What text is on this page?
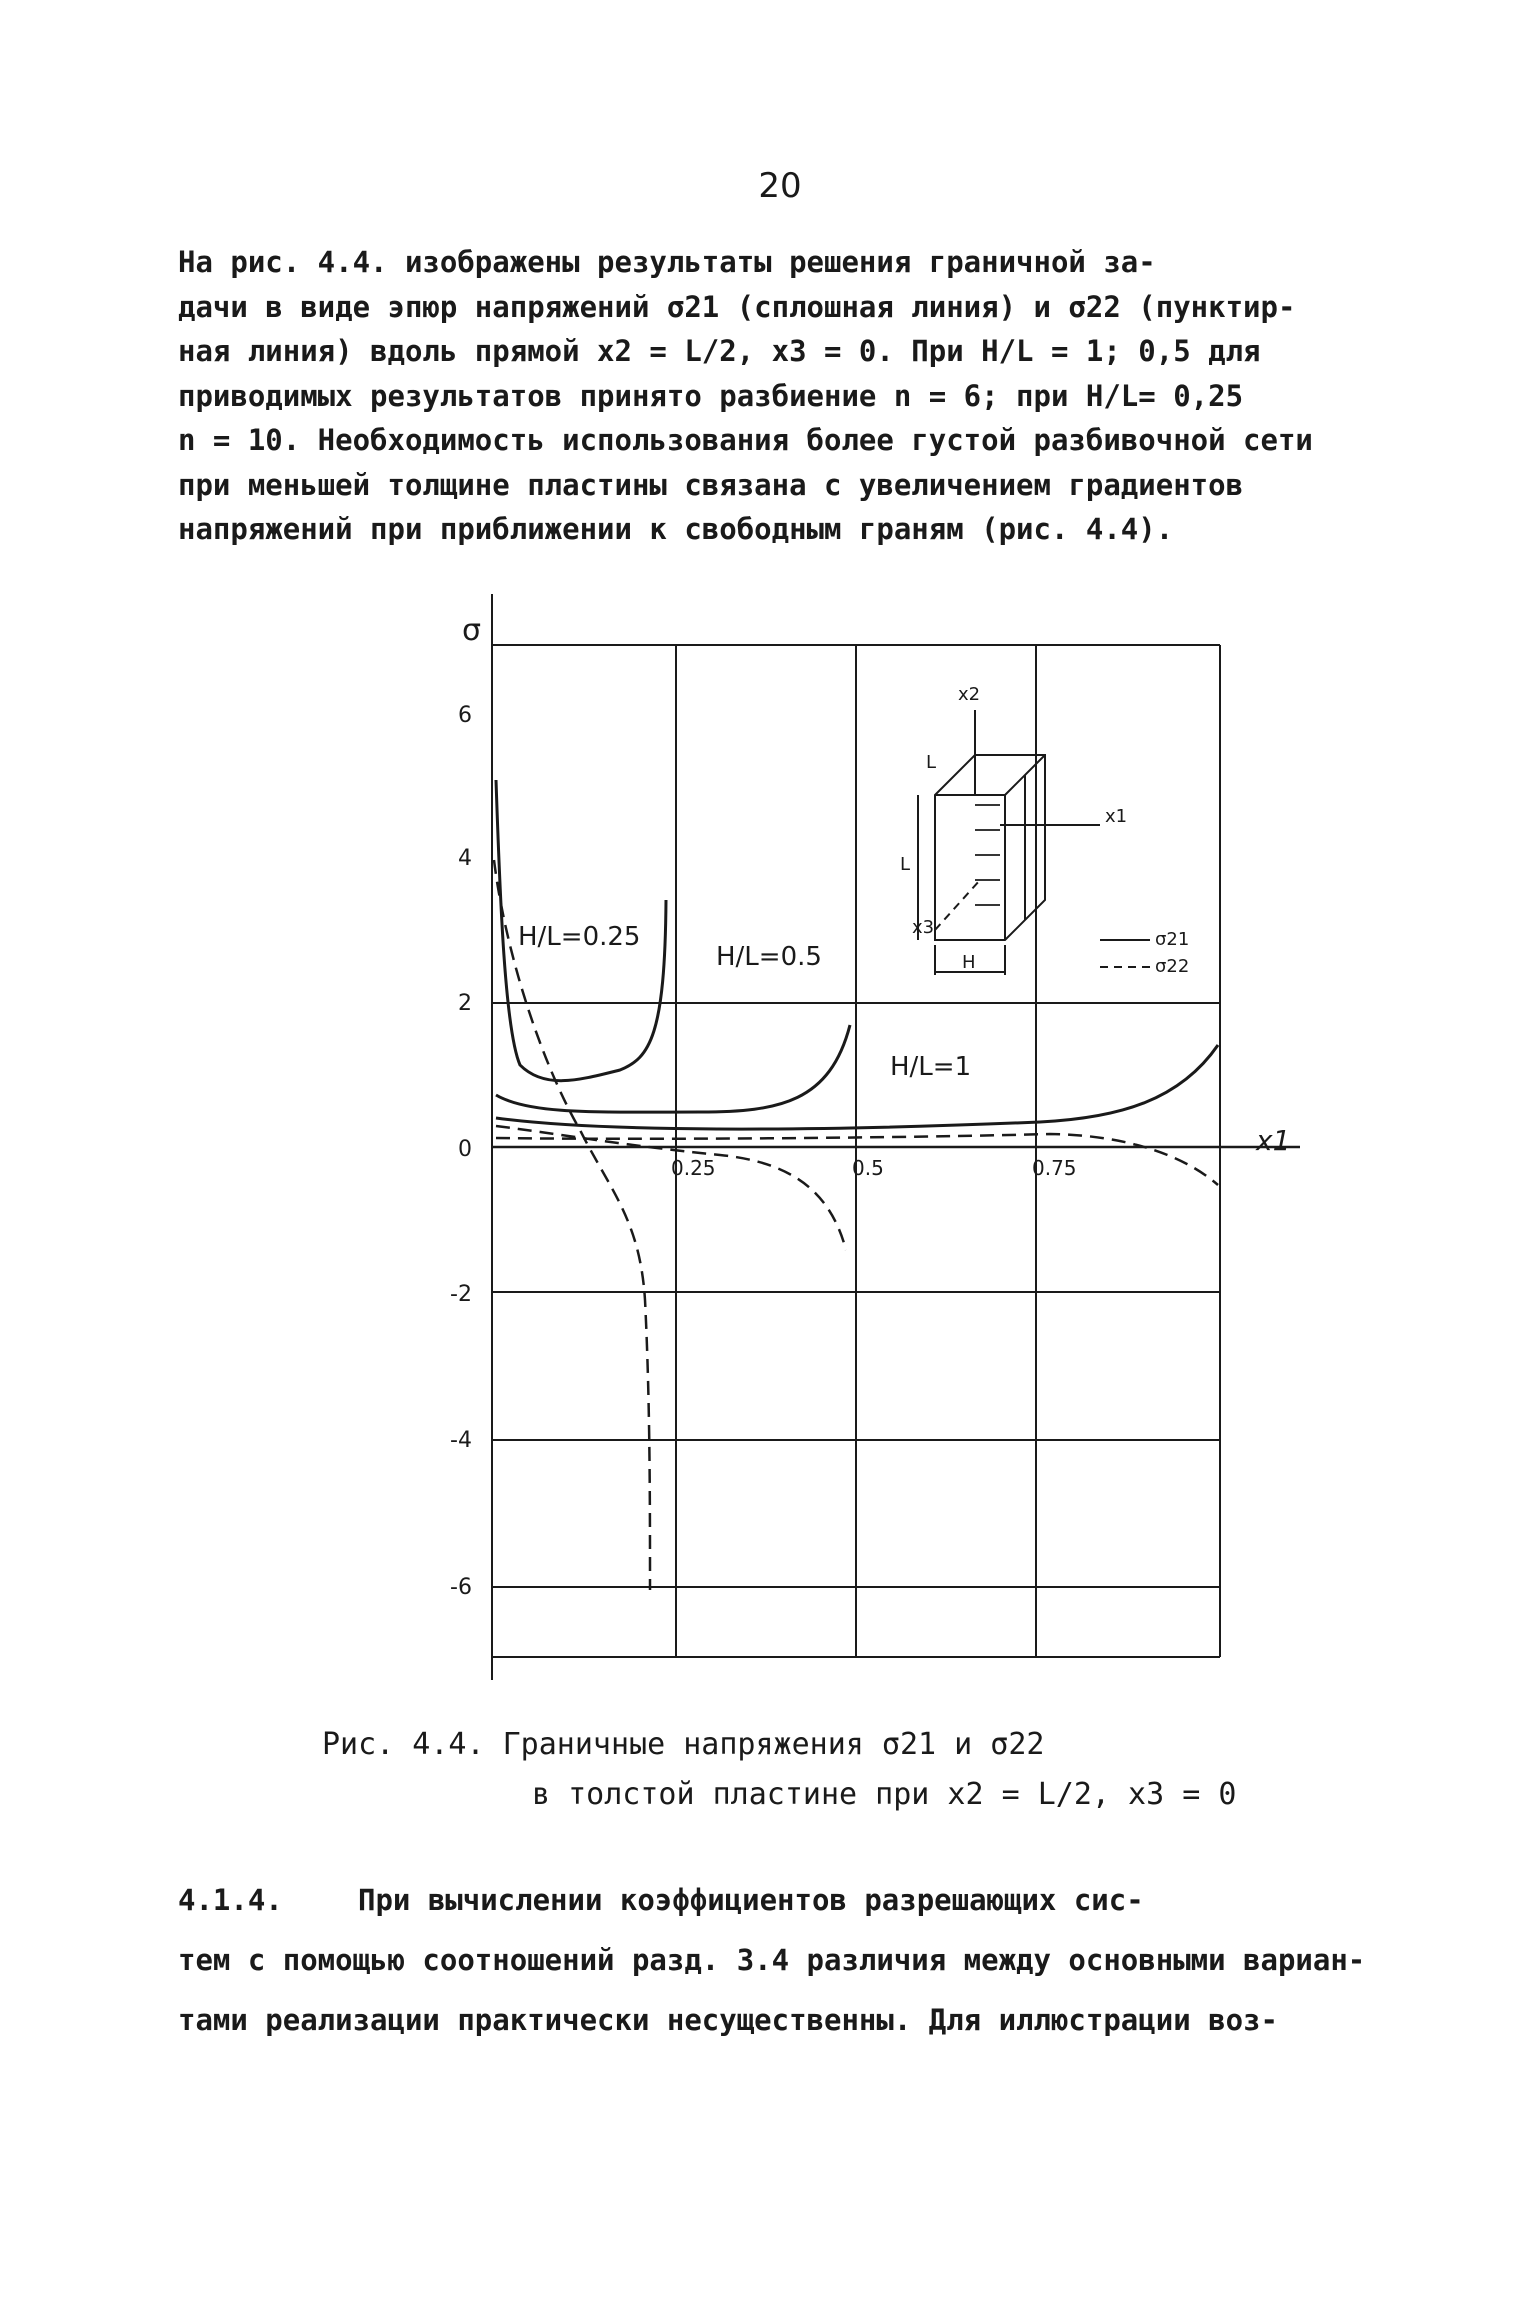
20
На рис. 4.4. изображены результаты решения граничной за-
дачи в виде эпюр напряжений σ21 (сплошная линия) и σ22 (пунктир-
ная линия) вдоль прямой x2 = L/2, x3 = 0. При H/L = 1; 0,5 для
приводимых результатов принято разбиение n = 6; при H/L= 0,25
n = 10. Необходимость использования более густой разбивочной сети
при меньшей толщине пластины связана с увеличением градиентов
напряжений при приближении к свободным граням (рис. 4.4).
σ
x1
6
4
2
0
-2
-4
-6
0.25	0.5	0.75
H/L=0.25
H/L=0.5
H/L=1
x2
x1
x3
L
L
H
σ21
σ22
Рис. 4.4. Граничные напряжения σ21 и σ22
в толстой пластине при x2 = L/2, x3 = 0
4.1.4.	При вычислении коэффициентов разрешающих сис-
тем с помощью соотношений разд. 3.4 различия между основными вариан-
тами реализации практически несущественны. Для иллюстрации воз-
